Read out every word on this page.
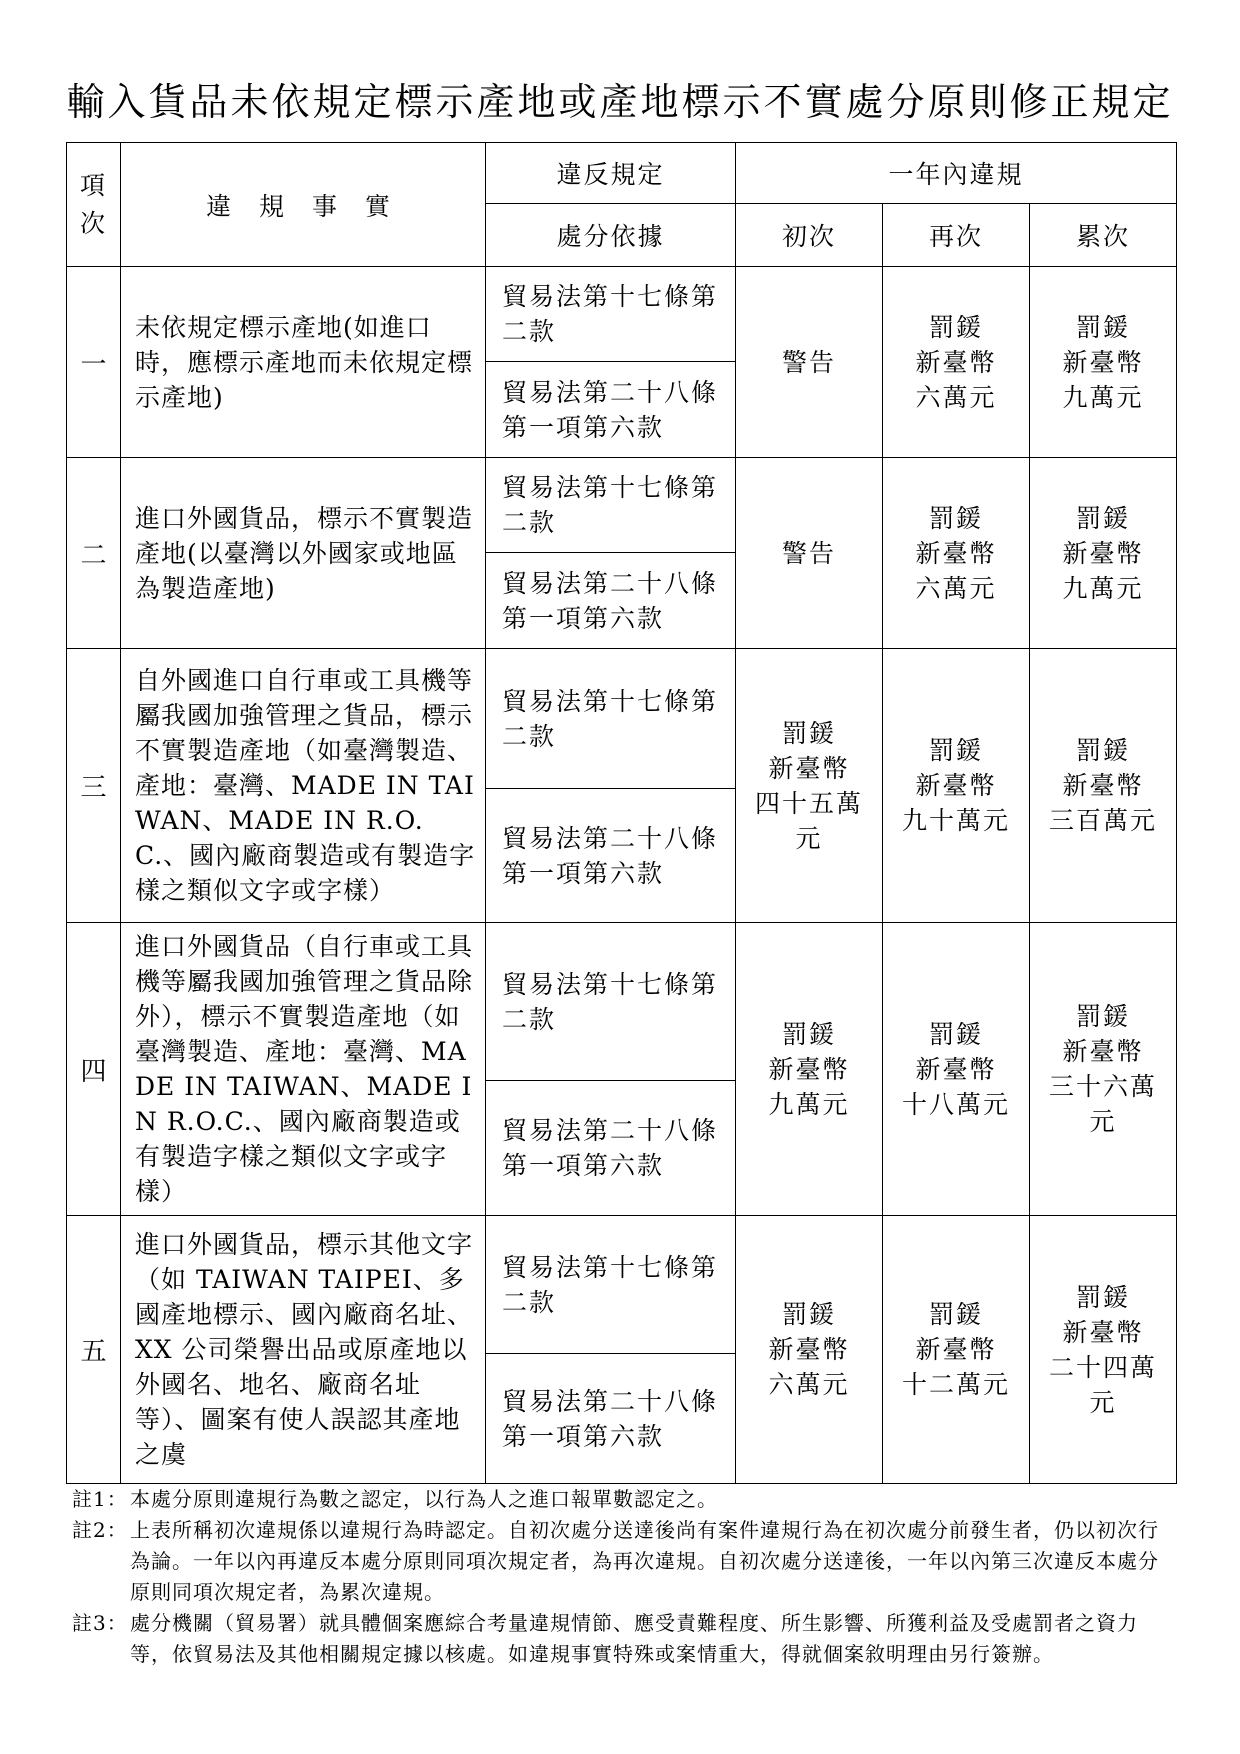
輸入貨品未依規定標示產地或產地標示不實處分原則修正規定
項次	違 規 事 實	違反規定	一年內違規		
		處分依據	初次	再次	累次
一	未依規定標示產地(如進口時，應標示產地而未依規定標示產地)	貿易法第十七條第二款	警告	罰鍰
新臺幣
六萬元	罰鍰
新臺幣
九萬元
		貿易法第二十八條第一項第六款			
二	進口外國貨品，標示不實製造產地(以臺灣以外國家或地區為製造產地)	貿易法第十七條第二款	警告	罰鍰
新臺幣
六萬元	罰鍰
新臺幣
九萬元
		貿易法第二十八條第一項第六款			
三	自外國進口自行車或工具機等屬我國加強管理之貨品，標示不實製造產地（如臺灣製造、產地：臺灣、MADE IN TAIWAN、MADE IN R.O.C.、國內廠商製造或有製造字樣之類似文字或字樣）	貿易法第十七條第二款	罰鍰
新臺幣
四十五萬
元	罰鍰
新臺幣
九十萬元	罰鍰
新臺幣
三百萬元
		貿易法第二十八條第一項第六款			
四	進口外國貨品（自行車或工具機等屬我國加強管理之貨品除外），標示不實製造產地（如臺灣製造、產地：臺灣、MADE IN TAIWAN、MADE IN R.O.C.、國內廠商製造或有製造字樣之類似文字或字樣）	貿易法第十七條第二款	罰鍰
新臺幣
九萬元	罰鍰
新臺幣
十八萬元	罰鍰
新臺幣
三十六萬
元
		貿易法第二十八條第一項第六款			
五	進口外國貨品，標示其他文字（如 TAIWAN TAIPEI、多國產地標示、國內廠商名址、XX 公司榮譽出品或原產地以外國名、地名、廠商名址等）、圖案有使人誤認其產地之虞	貿易法第十七條第二款	罰鍰
新臺幣
六萬元	罰鍰
新臺幣
十二萬元	罰鍰
新臺幣
二十四萬
元
		貿易法第二十八條第一項第六款			
註1： 本處分原則違規行為數之認定，以行為人之進口報單數認定之。
註2： 上表所稱初次違規係以違規行為時認定。自初次處分送達後尚有案件違規行為在初次處分前發生者，仍以初次行為論。一年以內再違反本處分原則同項次規定者，為再次違規。自初次處分送達後，一年以內第三次違反本處分原則同項次規定者，為累次違規。
註3： 處分機關（貿易署）就具體個案應綜合考量違規情節、應受責難程度、所生影響、所獲利益及受處罰者之資力等，依貿易法及其他相關規定據以核處。如違規事實特殊或案情重大，得就個案敘明理由另行簽辦。
